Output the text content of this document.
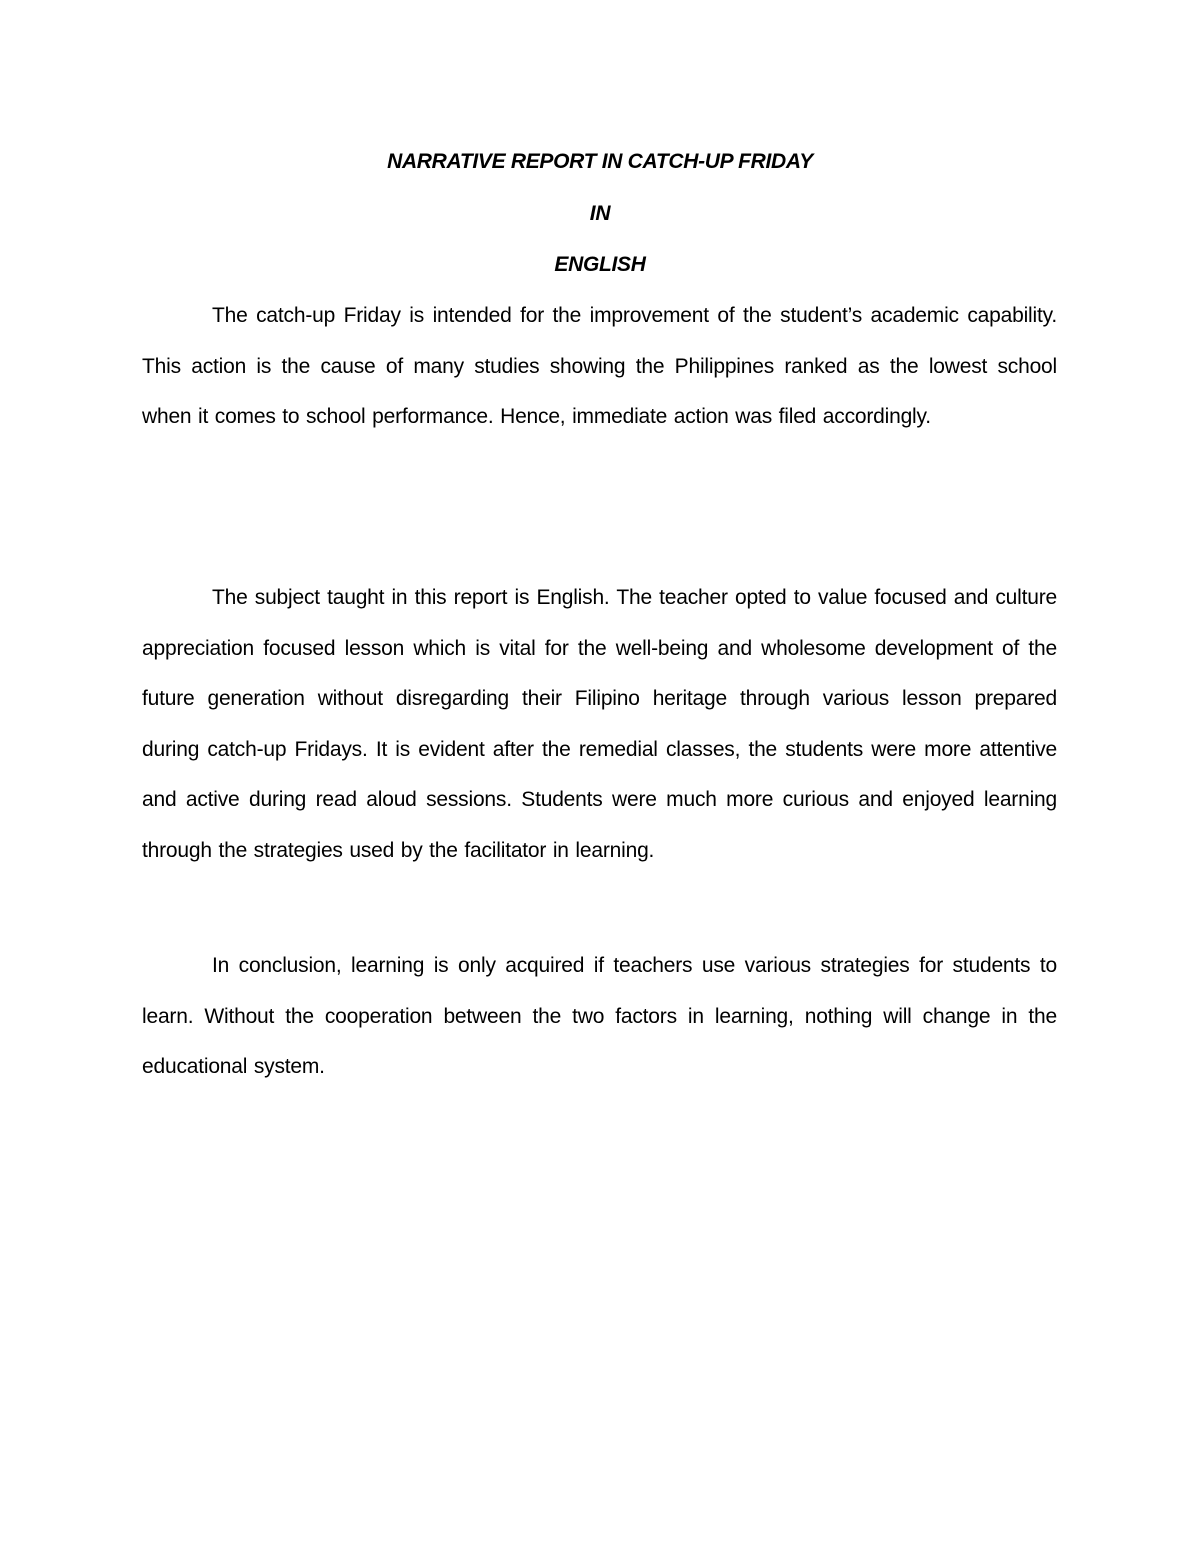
NARRATIVE REPORT IN CATCH-UP FRIDAY
IN
ENGLISH

The catch-up Friday is intended for the improvement of the student’s academic capability. This action is the cause of many studies showing the Philippines ranked as the lowest school when it comes to school performance. Hence, immediate action was filed accordingly.

The subject taught in this report is English. The teacher opted to value focused and culture appreciation focused lesson which is vital for the well-being and wholesome development of the future generation without disregarding their Filipino heritage through various lesson prepared during catch-up Fridays. It is evident after the remedial classes, the students were more attentive and active during read aloud sessions. Students were much more curious and enjoyed learning through the strategies used by the facilitator in learning.

In conclusion, learning is only acquired if teachers use various strategies for students to learn. Without the cooperation between the two factors in learning, nothing will change in the educational system.
